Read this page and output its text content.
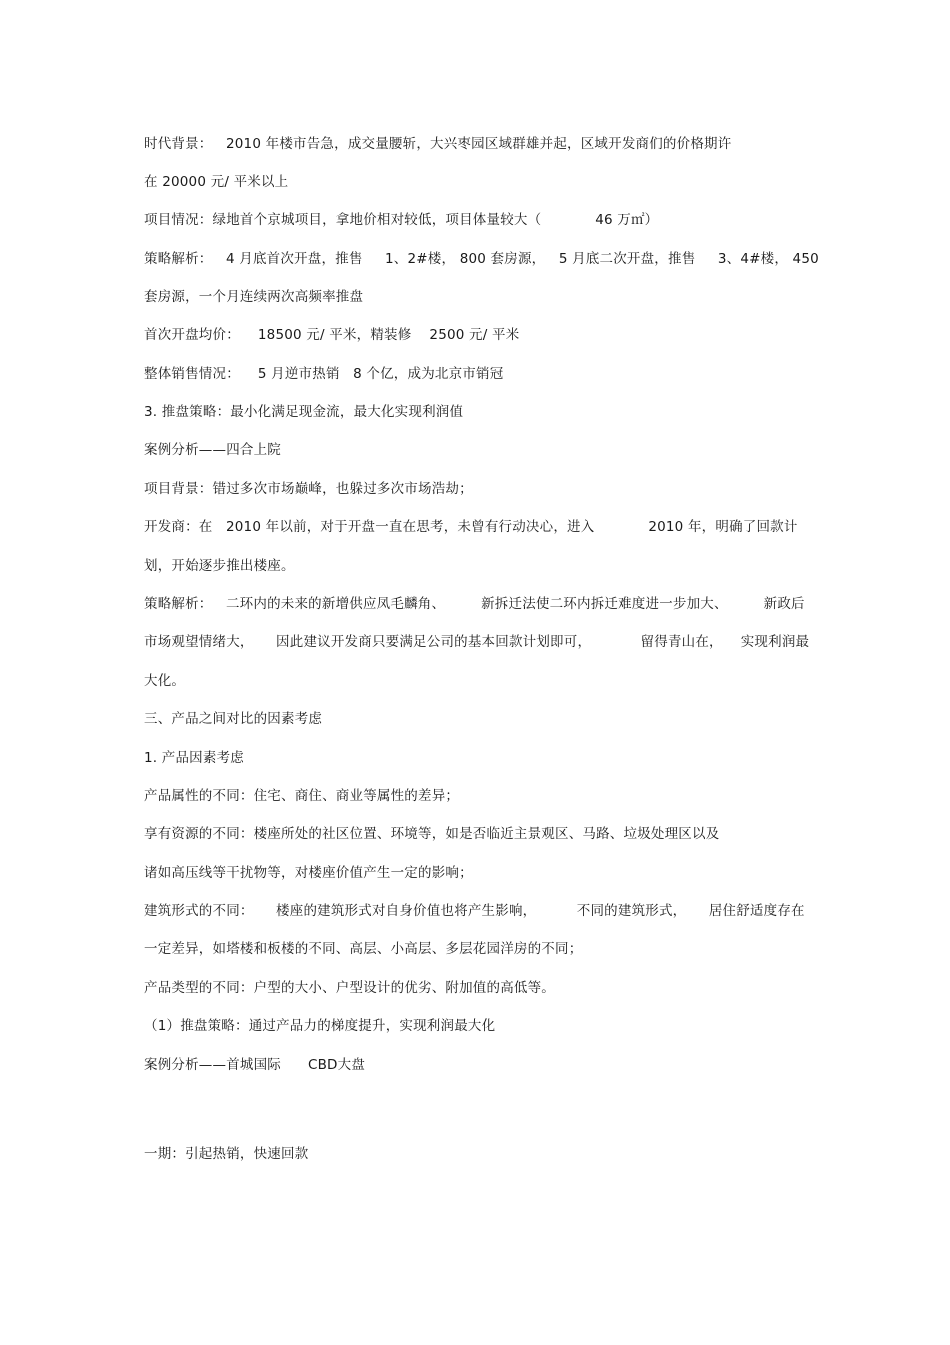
时代背景：   2010 年楼市告急，成交量腰斩，大兴枣园区域群雄并起，区域开发商们的价格期许
在 20000 元/ 平米以上
项目情况：绿地首个京城项目，拿地价相对较低，项目体量较大（            46 万㎡）
策略解析：   4 月底首次开盘，推售     1、2#楼， 800 套房源，   5 月底二次开盘，推售     3、4#楼， 450
套房源，一个月连续两次高频率推盘
首次开盘均价：    18500 元/ 平米，精装修    2500 元/ 平米
整体销售情况：    5 月逆市热销   8 个亿，成为北京市销冠
3. 推盘策略：最小化满足现金流，最大化实现利润值
案例分析——四合上院
项目背景：错过多次市场巅峰，也躲过多次市场浩劫；
开发商：在   2010 年以前，对于开盘一直在思考，未曾有行动决心，进入            2010 年，明确了回款计
划，开始逐步推出楼座。
策略解析：   二环内的未来的新增供应凤毛麟角、        新拆迁法使二环内拆迁难度进一步加大、        新政后
市场观望情绪大，     因此建议开发商只要满足公司的基本回款计划即可，           留得青山在，    实现利润最
大化。
三、产品之间对比的因素考虑
1. 产品因素考虑
产品属性的不同：住宅、商住、商业等属性的差异；
享有资源的不同：楼座所处的社区位置、环境等，如是否临近主景观区、马路、垃圾处理区以及
诸如高压线等干扰物等，对楼座价值产生一定的影响；
建筑形式的不同：     楼座的建筑形式对自身价值也将产生影响，         不同的建筑形式，     居住舒适度存在
一定差异，如塔楼和板楼的不同、高层、小高层、多层花园洋房的不同；
产品类型的不同：户型的大小、户型设计的优劣、附加值的高低等。
（1）推盘策略：通过产品力的梯度提升，实现利润最大化
案例分析——首城国际      CBD大盘
一期：引起热销，快速回款
